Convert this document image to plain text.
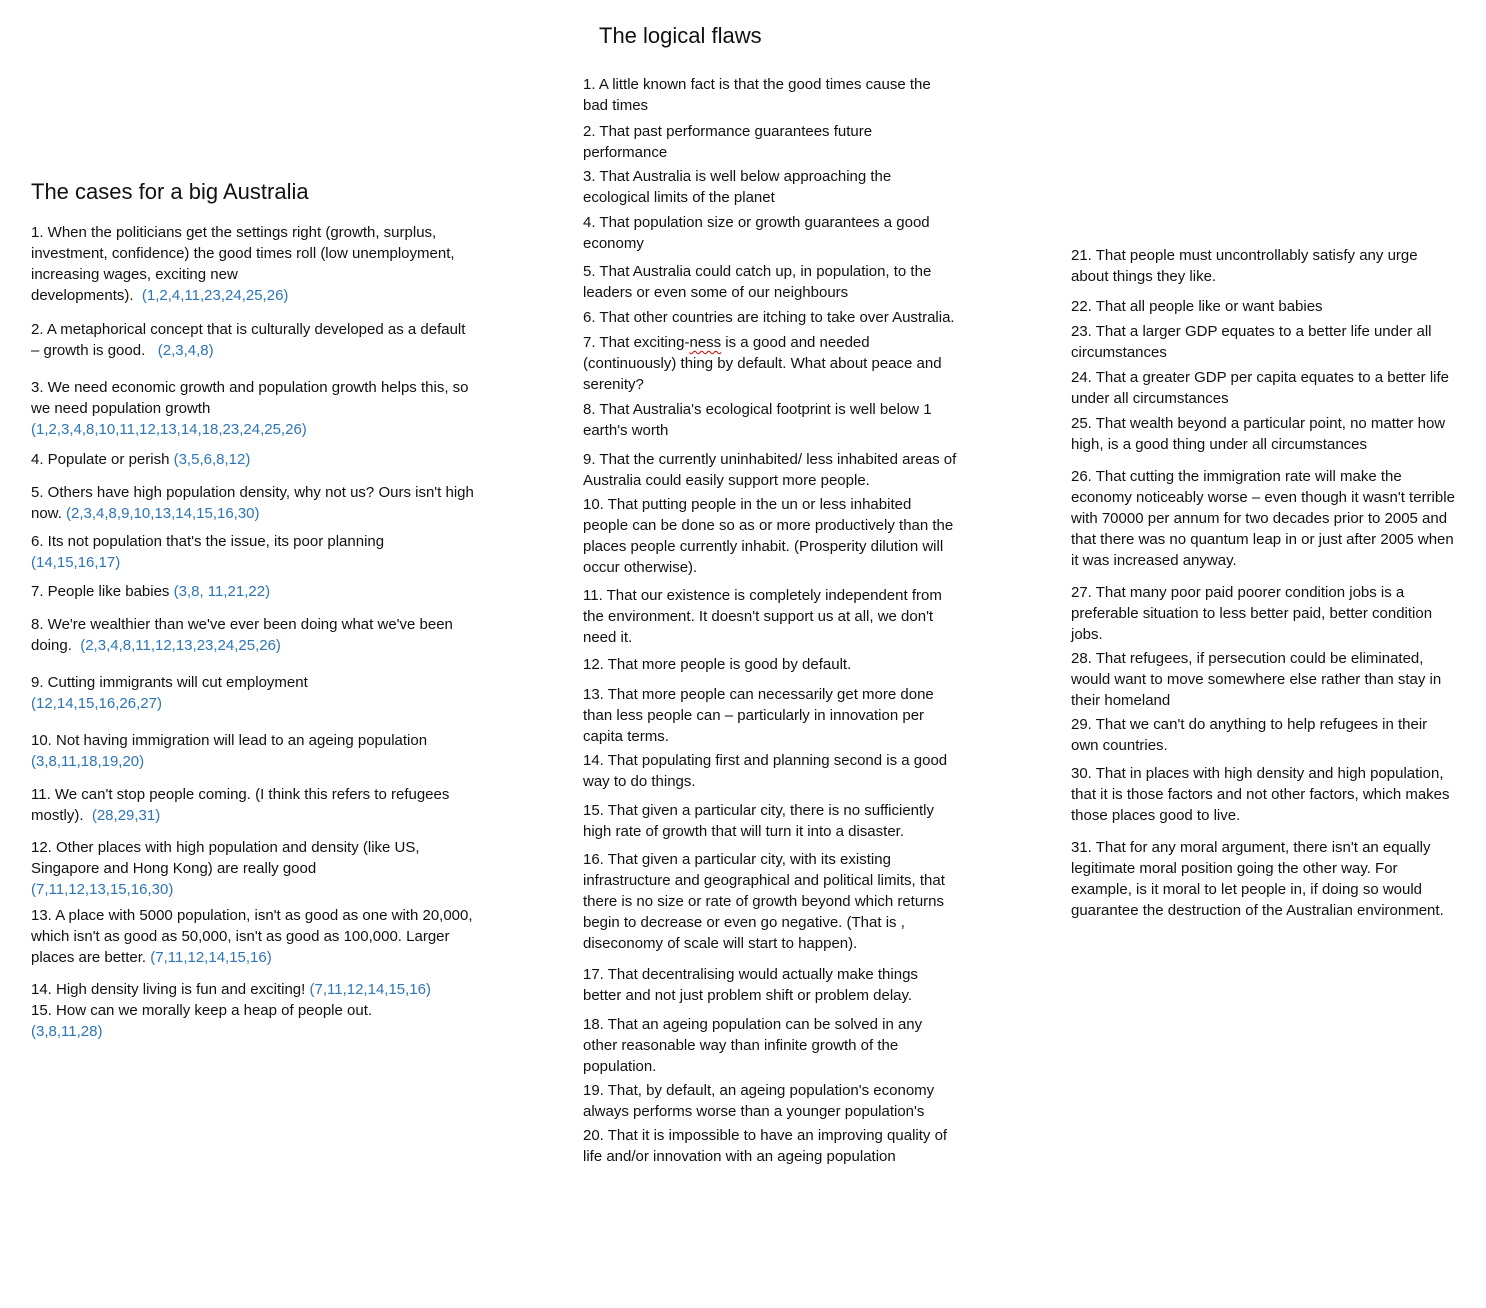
The cases for a big Australia
1. When the politicians get the settings right (growth, surplus, investment, confidence) the good times roll (low unemployment, increasing wages, exciting new developments). (1,2,4,11,23,24,25,26)
2. A metaphorical concept that is culturally developed as a default – growth is good. (2,3,4,8)
3. We need economic growth and population growth helps this, so we need population growth
(1,2,3,4,8,10,11,12,13,14,18,23,24,25,26)
4. Populate or perish (3,5,6,8,12)
5. Others have high population density, why not us? Ours isn't high now. (2,3,4,8,9,10,13,14,15,16,30)
6. Its not population that's the issue, its poor planning
(14,15,16,17)
7. People like babies (3,8, 11,21,22)
8. We're wealthier than we've ever been doing what we've been doing. (2,3,4,8,11,12,13,23,24,25,26)
9. Cutting immigrants will cut employment
(12,14,15,16,26,27)
10. Not having immigration will lead to an ageing population
(3,8,11,18,19,20)
11. We can't stop people coming. (I think this refers to refugees mostly). (28,29,31)
12. Other places with high population and density (like US, Singapore and Hong Kong) are really good
(7,11,12,13,15,16,30)
13. A place with 5000 population, isn't as good as one with 20,000, which isn't as good as 50,000, isn't as good as 100,000. Larger places are better. (7,11,12,14,15,16)
14. High density living is fun and exciting! (7,11,12,14,15,16)
15. How can we morally keep a heap of people out.
(3,8,11,28)
The logical flaws
1. A little known fact is that the good times cause the bad times
2. That past performance guarantees future performance
3. That Australia is well below approaching the ecological limits of the planet
4. That population size or growth guarantees a good economy
5. That Australia could catch up, in population, to the leaders or even some of our neighbours
6. That other countries are itching to take over Australia.
7. That exciting-ness is a good and needed (continuously) thing by default. What about peace and serenity?
8. That Australia's ecological footprint is well below 1 earth's worth
9. That the currently uninhabited/ less inhabited areas of Australia could easily support more people.
10. That putting people in the un or less inhabited people can be done so as or more productively than the places people currently inhabit. (Prosperity dilution will occur otherwise).
11. That our existence is completely independent from the environment. It doesn't support us at all, we don't need it.
12. That more people is good by default.
13. That more people can necessarily get more done than less people can – particularly in innovation per capita terms.
14. That populating first and planning second is a good way to do things.
15. That given a particular city, there is no sufficiently high rate of growth that will turn it into a disaster.
16. That given a particular city, with its existing infrastructure and geographical and political limits, that there is no size or rate of growth beyond which returns begin to decrease or even go negative. (That is , diseconomy of scale will start to happen).
17. That decentralising would actually make things better and not just problem shift or problem delay.
18. That an ageing population can be solved in any other reasonable way than infinite growth of the population.
19. That, by default, an ageing population's economy always performs worse than a younger population's
20. That it is impossible to have an improving quality of life and/or innovation with an ageing population
21. That people must uncontrollably satisfy any urge about things they like.
22. That all people like or want babies
23. That a larger GDP equates to a better life under all circumstances
24. That a greater GDP per capita equates to a better life under all circumstances
25. That wealth beyond a particular point, no matter how high, is a good thing under all circumstances
26. That cutting the immigration rate will make the economy noticeably worse – even though it wasn't terrible with 70000 per annum for two decades prior to 2005 and that there was no quantum leap in or just after 2005 when it was increased anyway.
27. That many poor paid poorer condition jobs is a preferable situation to less better paid, better condition jobs.
28. That refugees, if persecution could be eliminated, would want to move somewhere else rather than stay in their homeland
29. That we can't do anything to help refugees in their own countries.
30. That in places with high density and high population, that it is those factors and not other factors, which makes those places good to live.
31. That for any moral argument, there isn't an equally legitimate moral position going the other way. For example, is it moral to let people in, if doing so would guarantee the destruction of the Australian environment.
